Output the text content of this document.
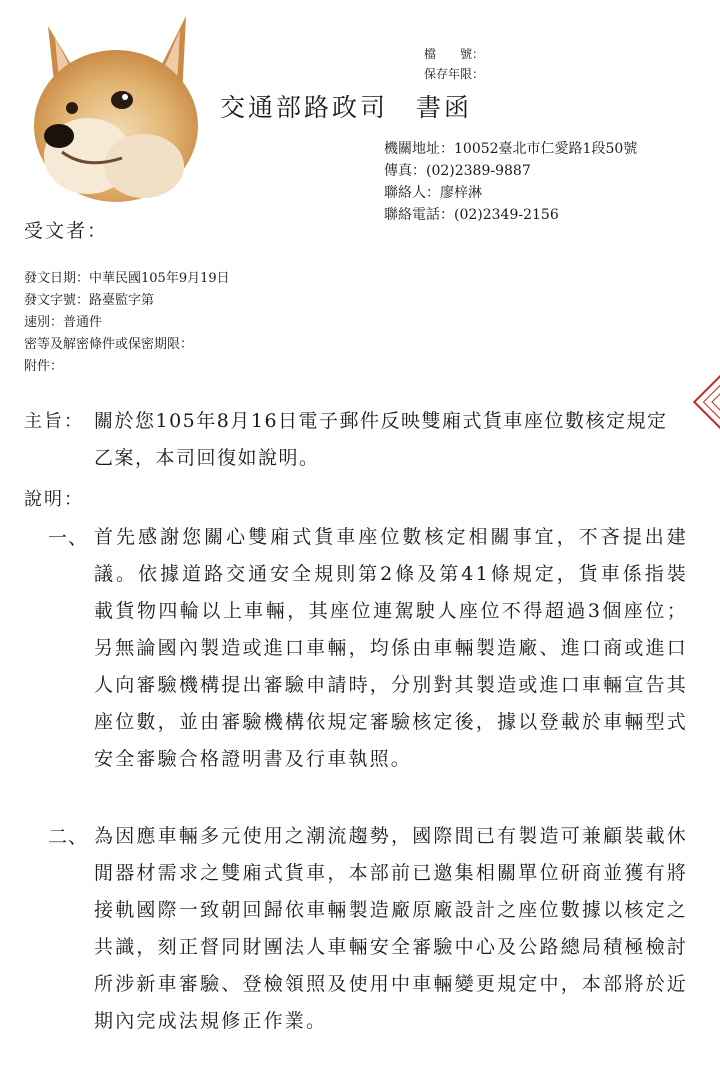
檔　　號：
保存年限：
交通部路政司　書函
機關地址：10052臺北市仁愛路1段50號
傳真：(02)2389-9887
聯絡人：廖梓淋
聯絡電話：(02)2349-2156
受文者：
發文日期：中華民國105年9月19日
發文字號：路臺監字第
速別：普通件
密等及解密條件或保密期限：
附件：
主旨： 關於您105年8月16日電子郵件反映雙廂式貨車座位數核定規定乙案，本司回復如說明。
說明：
一、 首先感謝您關心雙廂式貨車座位數核定相關事宜，不吝提出建議。依據道路交通安全規則第2條及第41條規定，貨車係指裝載貨物四輪以上車輛，其座位連駕駛人座位不得超過3個座位；另無論國內製造或進口車輛，均係由車輛製造廠、進口商或進口人向審驗機構提出審驗申請時，分別對其製造或進口車輛宣告其座位數，並由審驗機構依規定審驗核定後，據以登載於車輛型式安全審驗合格證明書及行車執照。
二、 為因應車輛多元使用之潮流趨勢，國際間已有製造可兼顧裝載休閒器材需求之雙廂式貨車，本部前已邀集相關單位研商並獲有將接軌國際一致朝回歸依車輛製造廠原廠設計之座位數據以核定之共識，刻正督同財團法人車輛安全審驗中心及公路總局積極檢討所涉新車審驗、登檢領照及使用中車輛變更規定中，本部將於近期內完成法規修正作業。
